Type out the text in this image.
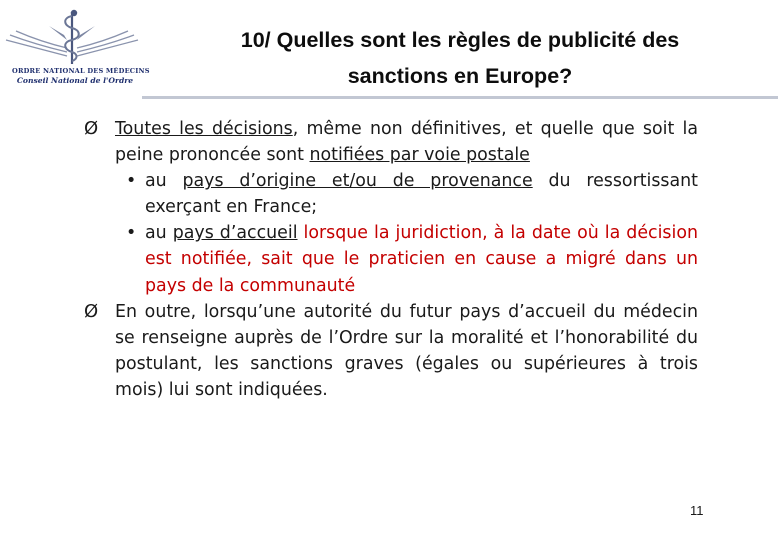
ORDRE NATIONAL DES MÉDECINS
Conseil National de l'Ordre
10/ Quelles sont les règles de publicité des
sanctions en Europe?
Ø Toutes les décisions, même non définitives, et quelle que soit la peine prononcée sont notifiées par voie postale
• au pays d’origine et/ou de provenance du ressortissant exerçant en France;
• au pays d’accueil lorsque la juridiction, à la date où la décision est notifiée, sait que le praticien en cause a migré dans un pays de la communauté
Ø En outre, lorsqu’une autorité du futur pays d’accueil du médecin se renseigne auprès de l’Ordre sur la moralité et l’honorabilité du postulant, les sanctions graves (égales ou supérieures à trois mois) lui sont indiquées.
11
